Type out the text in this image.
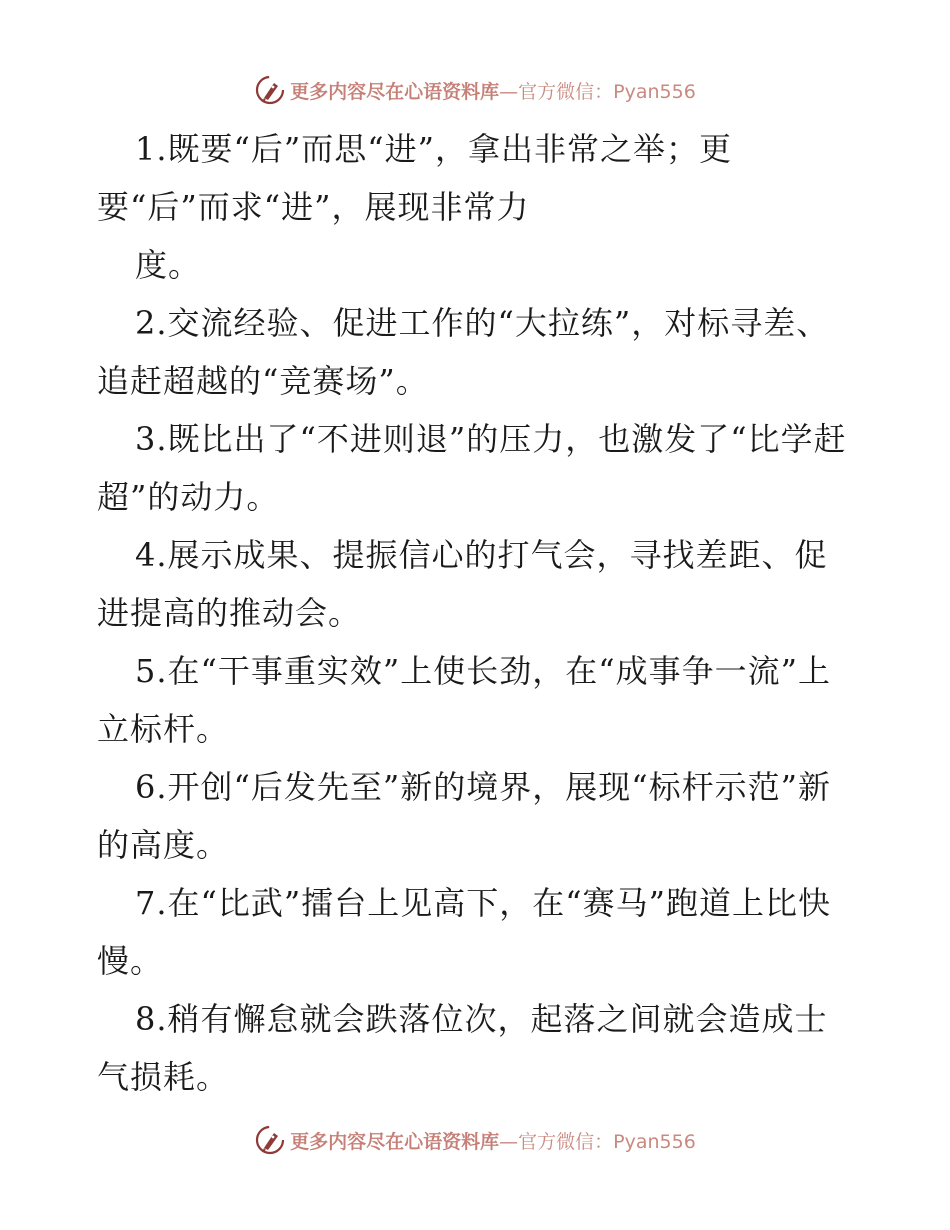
更多内容尽在心语资料库—官方微信：Pyan556

1.既要“后”而思“进”，拿出非常之举；更要“后”而求“进”，展现非常力

度。

2.交流经验、促进工作的“大拉练”，对标寻差、追赶超越的“竞赛场”。

3.既比出了“不进则退”的压力，也激发了“比学赶超”的动力。

4.展示成果、提振信心的打气会，寻找差距、促进提高的推动会。

5.在“干事重实效”上使长劲，在“成事争一流”上立标杆。

6.开创“后发先至”新的境界，展现“标杆示范”新的高度。

7.在“比武”擂台上见高下，在“赛马”跑道上比快慢。

8.稍有懈怠就会跌落位次，起落之间就会造成士气损耗。

更多内容尽在心语资料库—官方微信：Pyan556
